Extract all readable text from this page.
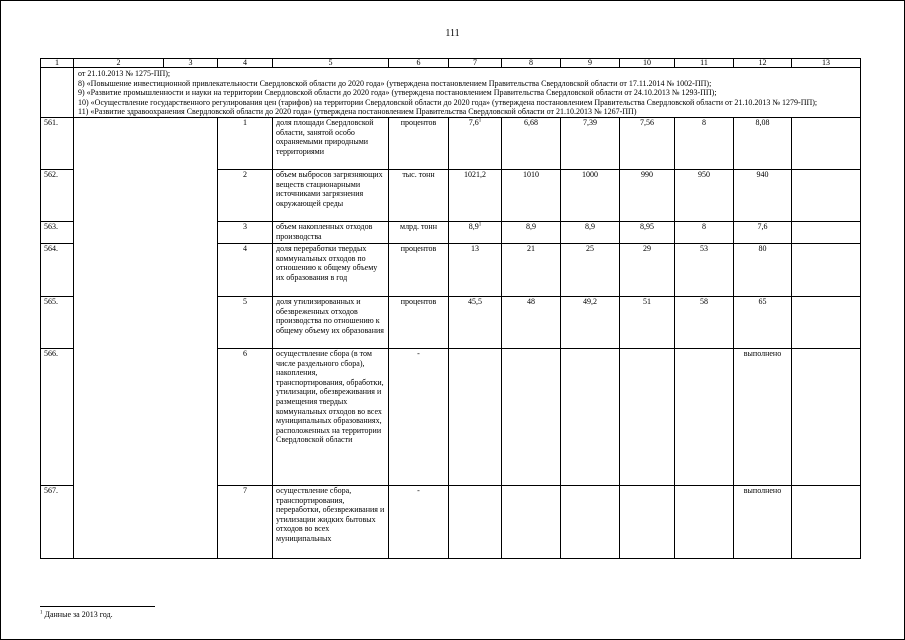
111
1	2	3	4	5	6	7	8	9	10	11	12	13

	от 21.10.2013 № 1275-ПП);
8) «Повышение инвестиционной привлекательности Свердловской области до 2020 года» (утверждена постановлением Правительства Свердловской области от 17.11.2014 № 1002-ПП);
9) «Развитие промышленности и науки на территории Свердловской области до 2020 года» (утверждена постановлением Правительства Свердловской области от 24.10.2013 № 1293-ПП);
10) «Осуществление государственного регулирования цен (тарифов) на территории Свердловской области до 2020 года» (утверждена постановлением Правительства Свердловской области от 21.10.2013 № 1279-ПП);
11) «Развитие здравоохранения Свердловской области до 2020 года» (утверждена постановлением Правительства Свердловской области от 21.10.2013 № 1267-ПП)											

561.			1	доля площади Свердловской области, занятой особо охраняемыми природными территориями	процентов	$7,6^1$	6,68	7,39	7,56	8	8,08	
562.			2	объем выбросов загрязняющих веществ стационарными источниками загрязнения окружающей среды	тыс. тонн	1021,2	1010	1000	990	950	940	
563.			3	объем накопленных отходов производства	млрд. тонн	$8,9^1$	8,9	8,9	8,95	8	7,6	
564.			4	доля переработки твердых коммунальных отходов по отношению к общему объему их образования в год	процентов	13	21	25	29	53	80	
565.			5	доля утилизированных и обезвреженных отходов производства по отношению к общему объему их образования	процентов	45,5	48	49,2	51	58	65	
566.			6	осуществление сбора (в том числе раздельного сбора), накопления, транспортирования, обработки, утилизации, обезвреживания и размещения твердых коммунальных отходов во всех муниципальных образованиях, расположенных на территории Свердловской области	-						выполнено	
567.			7	осуществление сбора, транспортирования, переработки, обезвреживания и утилизации жидких бытовых отходов во всех муниципальных	-						выполнено	
$^1$ Данные за 2013 год.
